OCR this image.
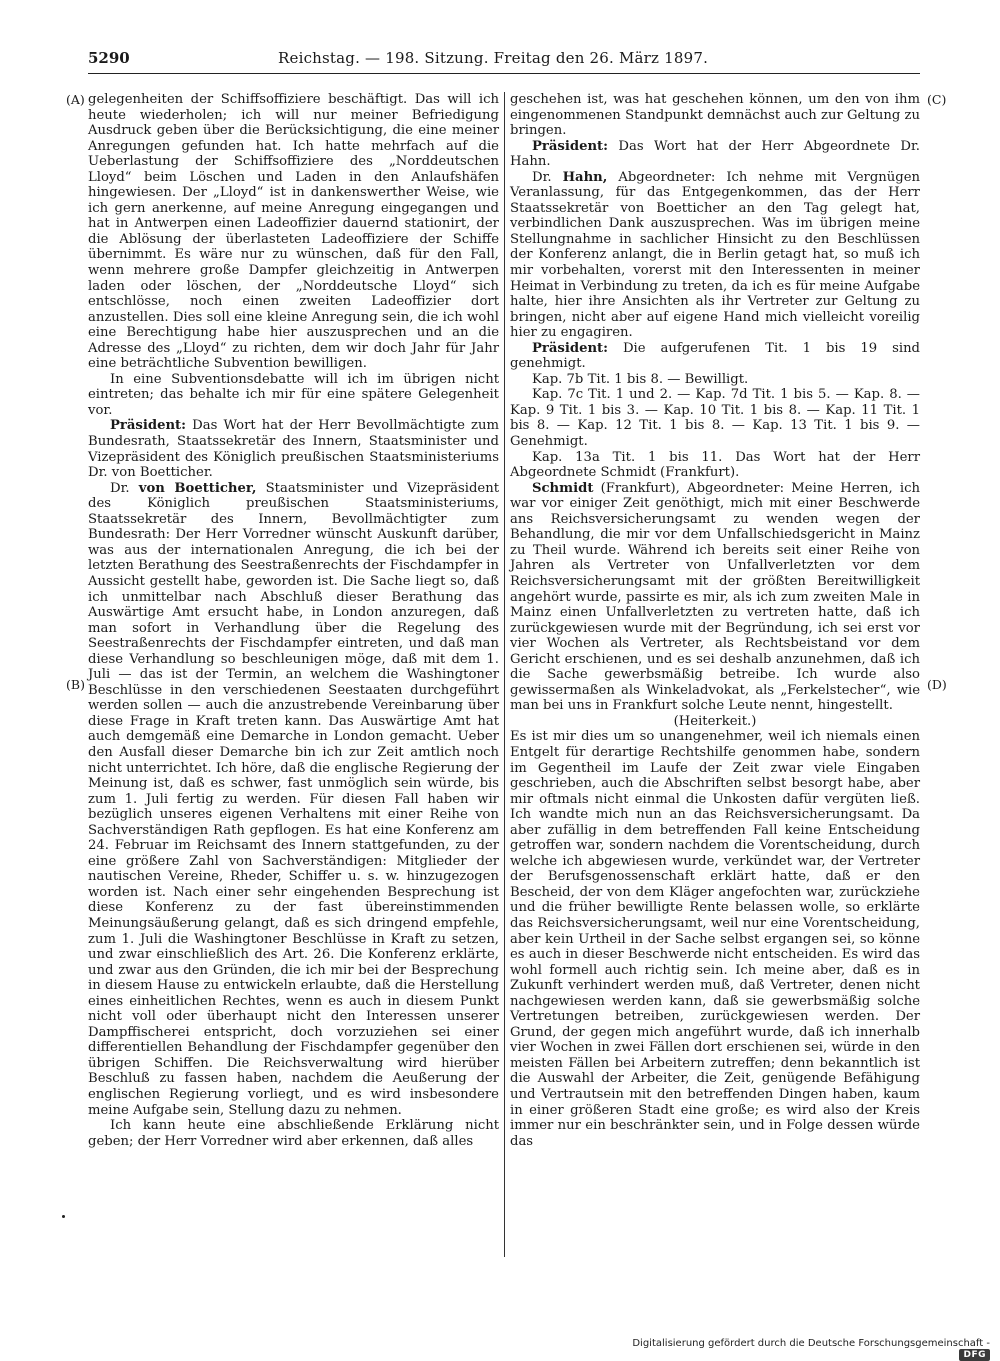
5290	Reichstag. — 198. Sitzung. Freitag den 26. März 1897.
(A)
(B)
(C)
(D)

gelegenheiten der Schiffsoffiziere beschäftigt. Das will ich heute wiederholen; ich will nur meiner Befriedigung Ausdruck geben über die Berücksichtigung, die eine meiner Anregungen gefunden hat. Ich hatte mehrfach auf die Ueberlastung der Schiffsoffiziere des „Norddeutschen Lloyd“ beim Löschen und Laden in den Anlaufshäfen hingewiesen. Der „Lloyd“ ist in dankenswerther Weise, wie ich gern anerkenne, auf meine Anregung eingegangen und hat in Antwerpen einen Ladeoffizier dauernd stationirt, der die Ablösung der überlasteten Ladeoffiziere der Schiffe übernimmt. Es wäre nur zu wünschen, daß für den Fall, wenn mehrere große Dampfer gleichzeitig in Antwerpen laden oder löschen, der „Norddeutsche Lloyd“ sich entschlösse, noch einen zweiten Ladeoffizier dort anzustellen. Dies soll eine kleine Anregung sein, die ich wohl eine Berechtigung habe hier auszusprechen und an die Adresse des „Lloyd“ zu richten, dem wir doch Jahr für Jahr eine beträchtliche Subvention bewilligen.

In eine Subventionsdebatte will ich im übrigen nicht eintreten; das behalte ich mir für eine spätere Gelegenheit vor.

Präsident: Das Wort hat der Herr Bevollmächtigte zum Bundesrath, Staatssekretär des Innern, Staatsminister und Vizepräsident des Königlich preußischen Staatsministeriums Dr. von Boetticher.

Dr. von Boetticher, Staatsminister und Vizepräsident des Königlich preußischen Staatsministeriums, Staatssekretär des Innern, Bevollmächtigter zum Bundesrath: Der Herr Vorredner wünscht Auskunft darüber, was aus der internationalen Anregung, die ich bei der letzten Berathung des Seestraßenrechts der Fischdampfer in Aussicht gestellt habe, geworden ist. Die Sache liegt so, daß ich unmittelbar nach Abschluß dieser Berathung das Auswärtige Amt ersucht habe, in London anzuregen, daß man sofort in Verhandlung über die Regelung des Seestraßenrechts der Fischdampfer eintreten, und daß man diese Verhandlung so beschleunigen möge, daß mit dem 1. Juli — das ist der Termin, an welchem die Washingtoner Beschlüsse in den verschiedenen Seestaaten durchgeführt werden sollen — auch die anzustrebende Vereinbarung über diese Frage in Kraft treten kann. Das Auswärtige Amt hat auch demgemäß eine Demarche in London gemacht. Ueber den Ausfall dieser Demarche bin ich zur Zeit amtlich noch nicht unterrichtet. Ich höre, daß die englische Regierung der Meinung ist, daß es schwer, fast unmöglich sein würde, bis zum 1. Juli fertig zu werden. Für diesen Fall haben wir bezüglich unseres eigenen Verhaltens mit einer Reihe von Sachverständigen Rath gepflogen. Es hat eine Konferenz am 24. Februar im Reichsamt des Innern stattgefunden, zu der eine größere Zahl von Sachverständigen: Mitglieder der nautischen Vereine, Rheder, Schiffer u. s. w. hinzugezogen worden ist. Nach einer sehr eingehenden Besprechung ist diese Konferenz zu der fast übereinstimmenden Meinungsäußerung gelangt, daß es sich dringend empfehle, zum 1. Juli die Washingtoner Beschlüsse in Kraft zu setzen, und zwar einschließlich des Art. 26. Die Konferenz erklärte, und zwar aus den Gründen, die ich mir bei der Besprechung in diesem Hause zu entwickeln erlaubte, daß die Herstellung eines einheitlichen Rechtes, wenn es auch in diesem Punkt nicht voll oder überhaupt nicht den Interessen unserer Dampffischerei entspricht, doch vorzuziehen sei einer differentiellen Behandlung der Fischdampfer gegenüber den übrigen Schiffen. Die Reichsverwaltung wird hierüber Beschluß zu fassen haben, nachdem die Aeußerung der englischen Regierung vorliegt, und es wird insbesondere meine Aufgabe sein, Stellung dazu zu nehmen.

Ich kann heute eine abschließende Erklärung nicht geben; der Herr Vorredner wird aber erkennen, daß alles

geschehen ist, was hat geschehen können, um den von ihm eingenommenen Standpunkt demnächst auch zur Geltung zu bringen.

Präsident: Das Wort hat der Herr Abgeordnete Dr. Hahn.

Dr. Hahn, Abgeordneter: Ich nehme mit Vergnügen Veranlassung, für das Entgegenkommen, das der Herr Staatssekretär von Boetticher an den Tag gelegt hat, verbindlichen Dank auszusprechen. Was im übrigen meine Stellungnahme in sachlicher Hinsicht zu den Beschlüssen der Konferenz anlangt, die in Berlin getagt hat, so muß ich mir vorbehalten, vorerst mit den Interessenten in meiner Heimat in Verbindung zu treten, da ich es für meine Aufgabe halte, hier ihre Ansichten als ihr Vertreter zur Geltung zu bringen, nicht aber auf eigene Hand mich vielleicht voreilig hier zu engagiren.

Präsident: Die aufgerufenen Tit. 1 bis 19 sind genehmigt.

Kap. 7b Tit. 1 bis 8. — Bewilligt.

Kap. 7c Tit. 1 und 2. — Kap. 7d Tit. 1 bis 5. — Kap. 8. — Kap. 9 Tit. 1 bis 3. — Kap. 10 Tit. 1 bis 8. — Kap. 11 Tit. 1 bis 8. — Kap. 12 Tit. 1 bis 8. — Kap. 13 Tit. 1 bis 9. — Genehmigt.

Kap. 13a Tit. 1 bis 11. Das Wort hat der Herr Abgeordnete Schmidt (Frankfurt).

Schmidt (Frankfurt), Abgeordneter: Meine Herren, ich war vor einiger Zeit genöthigt, mich mit einer Beschwerde ans Reichsversicherungsamt zu wenden wegen der Behandlung, die mir vor dem Unfallschiedsgericht in Mainz zu Theil wurde. Während ich bereits seit einer Reihe von Jahren als Vertreter von Unfallverletzten vor dem Reichsversicherungsamt mit der größten Bereitwilligkeit angehört wurde, passirte es mir, als ich zum zweiten Male in Mainz einen Unfallverletzten zu vertreten hatte, daß ich zurückgewiesen wurde mit der Begründung, ich sei erst vor vier Wochen als Vertreter, als Rechtsbeistand vor dem Gericht erschienen, und es sei deshalb anzunehmen, daß ich die Sache gewerbsmäßig betreibe. Ich wurde also gewissermaßen als Winkeladvokat, als „Ferkelstecher“, wie man bei uns in Frankfurt solche Leute nennt, hingestellt.

(Heiterkeit.)

Es ist mir dies um so unangenehmer, weil ich niemals einen Entgelt für derartige Rechtshilfe genommen habe, sondern im Gegentheil im Laufe der Zeit zwar viele Eingaben geschrieben, auch die Abschriften selbst besorgt habe, aber mir oftmals nicht einmal die Unkosten dafür vergüten ließ. Ich wandte mich nun an das Reichsversicherungsamt. Da aber zufällig in dem betreffenden Fall keine Entscheidung getroffen war, sondern nachdem die Vorentscheidung, durch welche ich abgewiesen wurde, verkündet war, der Vertreter der Berufsgenossenschaft erklärt hatte, daß er den Bescheid, der von dem Kläger angefochten war, zurückziehe und die früher bewilligte Rente belassen wolle, so erklärte das Reichsversicherungsamt, weil nur eine Vorentscheidung, aber kein Urtheil in der Sache selbst ergangen sei, so könne es auch in dieser Beschwerde nicht entscheiden. Es wird das wohl formell auch richtig sein. Ich meine aber, daß es in Zukunft verhindert werden muß, daß Vertreter, denen nicht nachgewiesen werden kann, daß sie gewerbsmäßig solche Vertretungen betreiben, zurückgewiesen werden. Der Grund, der gegen mich angeführt wurde, daß ich innerhalb vier Wochen in zwei Fällen dort erschienen sei, würde in den meisten Fällen bei Arbeitern zutreffen; denn bekanntlich ist die Auswahl der Arbeiter, die Zeit, genügende Befähigung und Vertrautsein mit den betreffenden Dingen haben, kaum in einer größeren Stadt eine große; es wird also der Kreis immer nur ein beschränkter sein, und in Folge dessen würde das

Digitalisierung gefördert durch die Deutsche Forschungsgemeinschaft - DFG
